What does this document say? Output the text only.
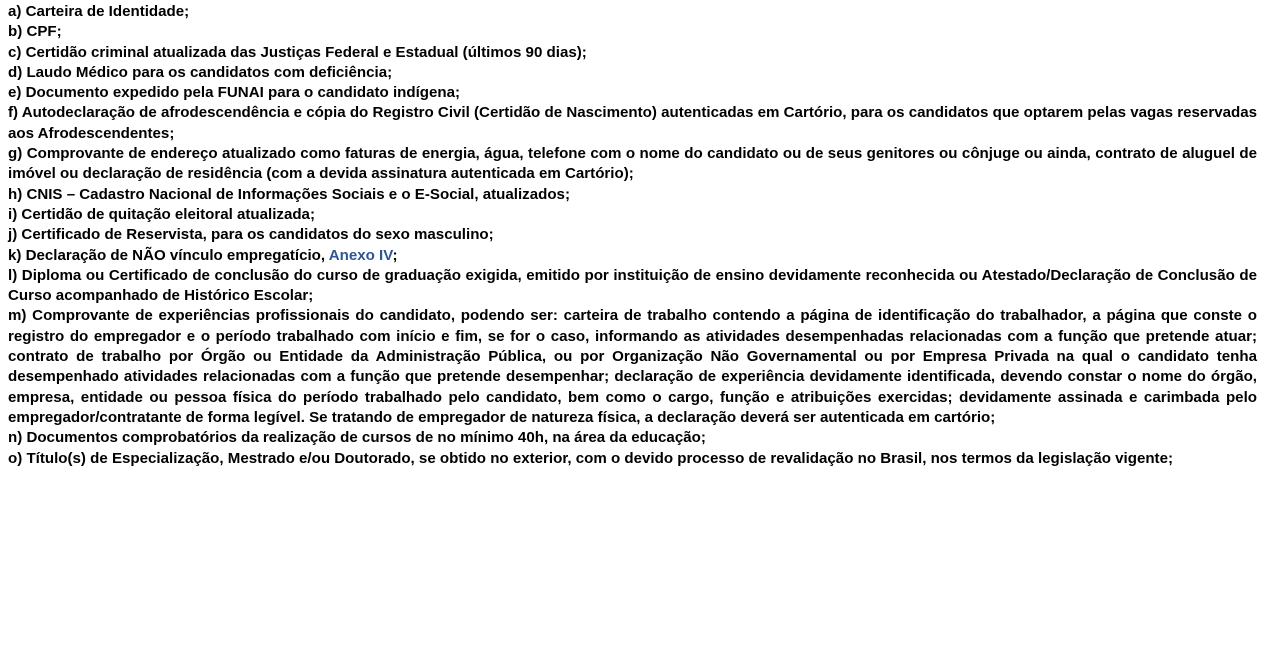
a) Carteira de Identidade;

b) CPF;

c) Certidão criminal atualizada das Justiças Federal e Estadual (últimos 90 dias);

d) Laudo Médico para os candidatos com deficiência;

e) Documento expedido pela FUNAI para o candidato indígena;

f) Autodeclaração de afrodescendência e cópia do Registro Civil (Certidão de Nascimento) autenticadas em Cartório, para os candidatos que optarem pelas vagas reservadas aos Afrodescendentes;

g) Comprovante de endereço atualizado como faturas de energia, água, telefone com o nome do candidato ou de seus genitores ou cônjuge ou ainda, contrato de aluguel de imóvel ou declaração de residência (com a devida assinatura autenticada em Cartório);

h) CNIS – Cadastro Nacional de Informações Sociais e o E-Social, atualizados;

i) Certidão de quitação eleitoral atualizada;

j) Certificado de Reservista, para os candidatos do sexo masculino;

k) Declaração de NÃO vínculo empregatício, Anexo IV;

l) Diploma ou Certificado de conclusão do curso de graduação exigida, emitido por instituição de ensino devidamente reconhecida ou Atestado/Declaração de Conclusão de Curso acompanhado de Histórico Escolar;

m) Comprovante de experiências profissionais do candidato, podendo ser: carteira de trabalho contendo a página de identificação do trabalhador, a página que conste o registro do empregador e o período trabalhado com início e fim, se for o caso, informando as atividades desempenhadas relacionadas com a função que pretende atuar; contrato de trabalho por Órgão ou Entidade da Administração Pública, ou por Organização Não Governamental ou por Empresa Privada na qual o candidato tenha desempenhado atividades relacionadas com a função que pretende desempenhar; declaração de experiência devidamente identificada, devendo constar o nome do órgão, empresa, entidade ou pessoa física do período trabalhado pelo candidato, bem como o cargo, função e atribuições exercidas; devidamente assinada e carimbada pelo empregador/contratante de forma legível. Se tratando de empregador de natureza física, a declaração deverá ser autenticada em cartório;

n) Documentos comprobatórios da realização de cursos de no mínimo 40h, na área da educação;

o) Título(s) de Especialização, Mestrado e/ou Doutorado, se obtido no exterior, com o devido processo de revalidação no Brasil, nos termos da legislação vigente;
